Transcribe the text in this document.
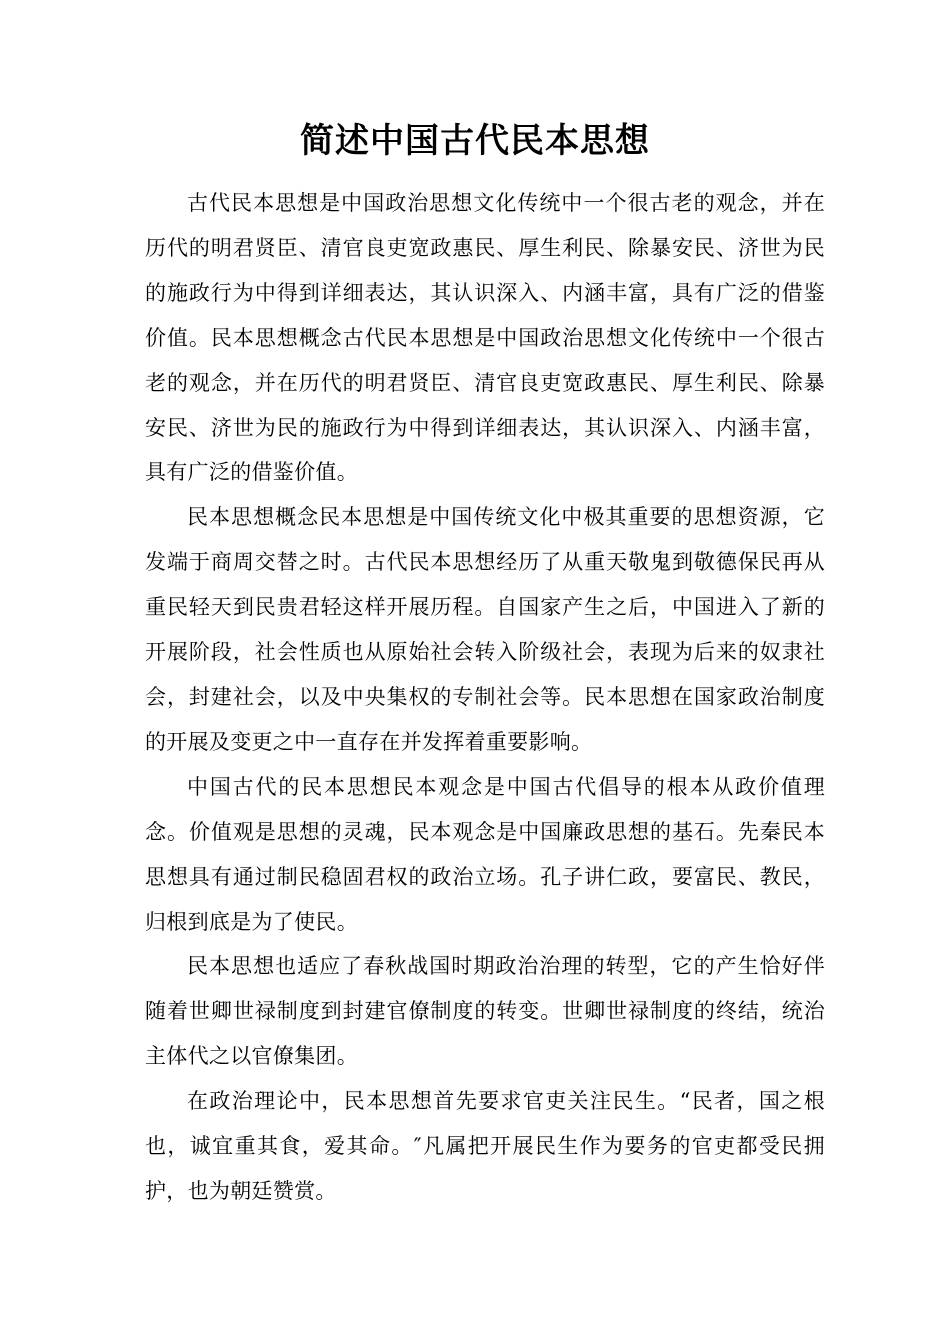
简述中国古代民本思想

古代民本思想是中国政治思想文化传统中一个很古老的观念，并在历代的明君贤臣、清官良吏宽政惠民、厚生利民、除暴安民、济世为民的施政行为中得到详细表达，其认识深入、内涵丰富，具有广泛的借鉴价值。民本思想概念古代民本思想是中国政治思想文化传统中一个很古老的观念，并在历代的明君贤臣、清官良吏宽政惠民、厚生利民、除暴安民、济世为民的施政行为中得到详细表达，其认识深入、内涵丰富，具有广泛的借鉴价值。

民本思想概念民本思想是中国传统文化中极其重要的思想资源，它发端于商周交替之时。古代民本思想经历了从重天敬鬼到敬德保民再从重民轻天到民贵君轻这样开展历程。自国家产生之后，中国进入了新的开展阶段，社会性质也从原始社会转入阶级社会，表现为后来的奴隶社会，封建社会，以及中央集权的专制社会等。民本思想在国家政治制度的开展及变更之中一直存在并发挥着重要影响。

中国古代的民本思想民本观念是中国古代倡导的根本从政价值理念。价值观是思想的灵魂，民本观念是中国廉政思想的基石。先秦民本思想具有通过制民稳固君权的政治立场。孔子讲仁政，要富民、教民，归根到底是为了使民。

民本思想也适应了春秋战国时期政治治理的转型，它的产生恰好伴随着世卿世禄制度到封建官僚制度的转变。世卿世禄制度的终结，统治主体代之以官僚集团。

在政治理论中，民本思想首先要求官吏关注民生。“民者，国之根也，诚宜重其食，爱其命。″凡属把开展民生作为要务的官吏都受民拥护，也为朝廷赞赏。
